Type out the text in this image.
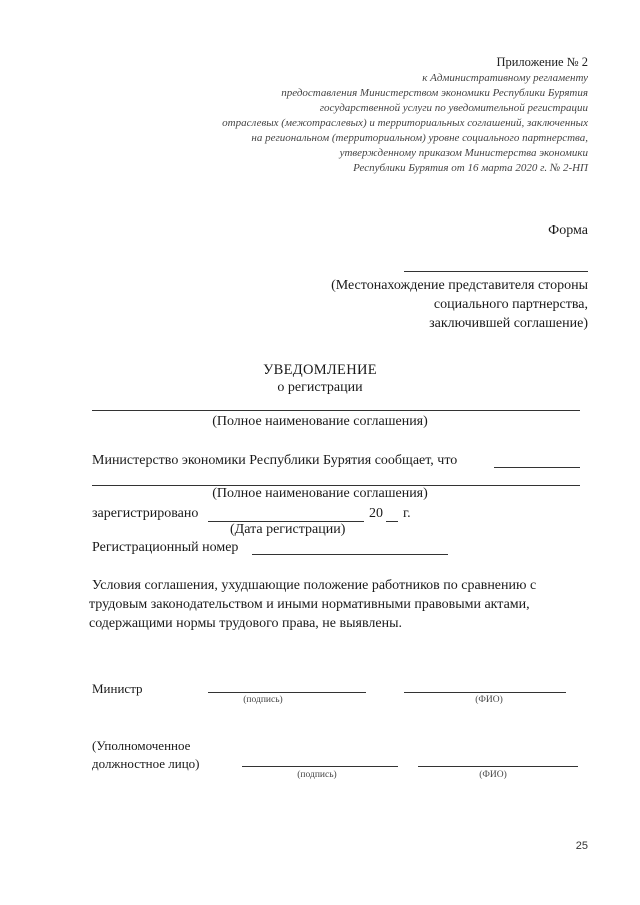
Приложение № 2
к Административному регламенту
предоставления Министерством экономики Республики Бурятия
государственной услуги по уведомительной регистрации
отраслевых (межотраслевых) и территориальных соглашений, заключенных
на региональном (территориальном) уровне социального партнерства,
утвержденному приказом Министерства экономики
Республики Бурятия от 16 марта 2020 г. № 2-НП
Форма
(Местонахождение представителя стороны
социального партнерства,
заключившей соглашение)
УВЕДОМЛЕНИЕ
о регистрации
(Полное наименование соглашения)
Министерство экономики Республики Бурятия сообщает, что
(Полное наименование соглашения)
зарегистрировано	20 г.
(Дата регистрации)
Регистрационный номер
Условия соглашения, ухудшающие положение работников по сравнению с
трудовым законодательством и иными нормативными правовыми актами,
содержащими нормы трудового права, не выявлены.
Министр
(подпись)	(ФИО)
(Уполномоченное
должностное лицо)
(подпись)	(ФИО)
25
